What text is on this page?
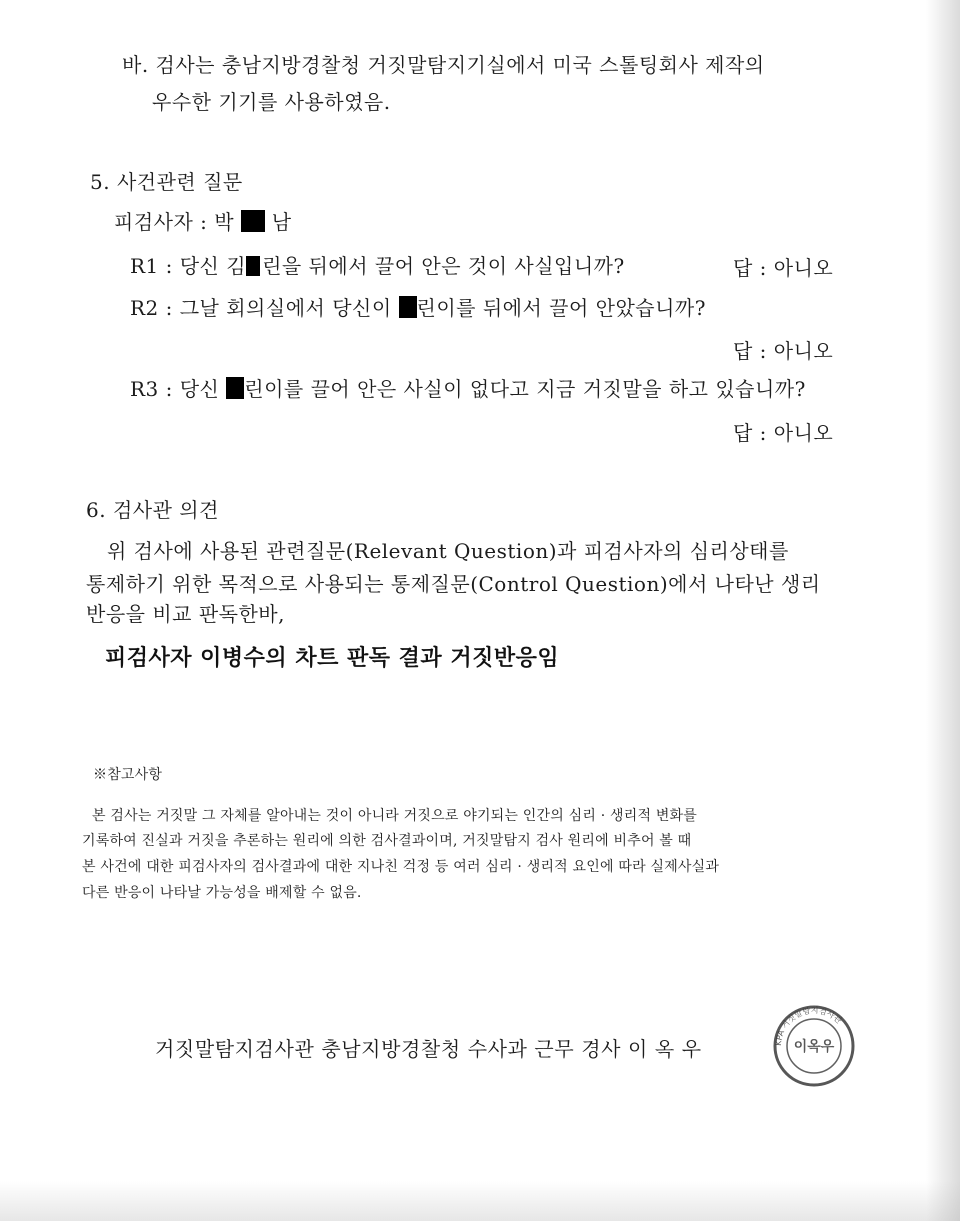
바. 검사는 충남지방경찰청 거짓말탐지기실에서 미국 스톨팅회사 제작의
우수한 기기를 사용하였음.
5. 사건관련 질문
피검사자 : 박 남
R1 : 당신 김 린을 뒤에서 끌어 안은 것이 사실입니까?	답 : 아니오
R2 : 그날 회의실에서 당신이 린이를 뒤에서 끌어 안았습니까?
답 : 아니오
R3 : 당신 린이를 끌어 안은 사실이 없다고 지금 거짓말을 하고 있습니까?
답 : 아니오
6. 검사관 의견
위 검사에 사용된 관련질문(Relevant Question)과 피검사자의 심리상태를
통제하기 위한 목적으로 사용되는 통제질문(Control Question)에서 나타난 생리
반응을 비교 판독한바,
피검사자 이병수의 차트 판독 결과 거짓반응임
※참고사항
본 검사는 거짓말 그 자체를 알아내는 것이 아니라 거짓으로 야기되는 인간의 심리 · 생리적 변화를
기록하여 진실과 거짓을 추론하는 원리에 의한 검사결과이며, 거짓말탐지 검사 원리에 비추어 볼 때
본 사건에 대한 피검사자의 검사결과에 대한 지나친 걱정 등 여러 심리 · 생리적 요인에 따라 실제사실과
다른 반응이 나타날 가능성을 배제할 수 없음.
거짓말탐지검사관 충남지방경찰청 수사과 근무 경사 이 옥 우	KPA 거짓말탐지검사관
이옥우
